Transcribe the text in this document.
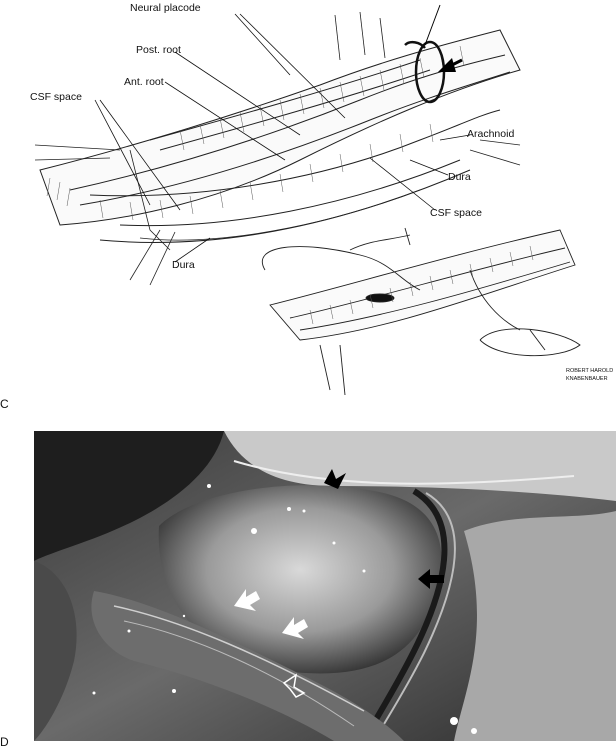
Neural placode
Post. root
Ant. root
CSF space
Arachnoid
Dura
CSF space
Dura
ROBERT HAROLD
KNABENBAUER
C
D
